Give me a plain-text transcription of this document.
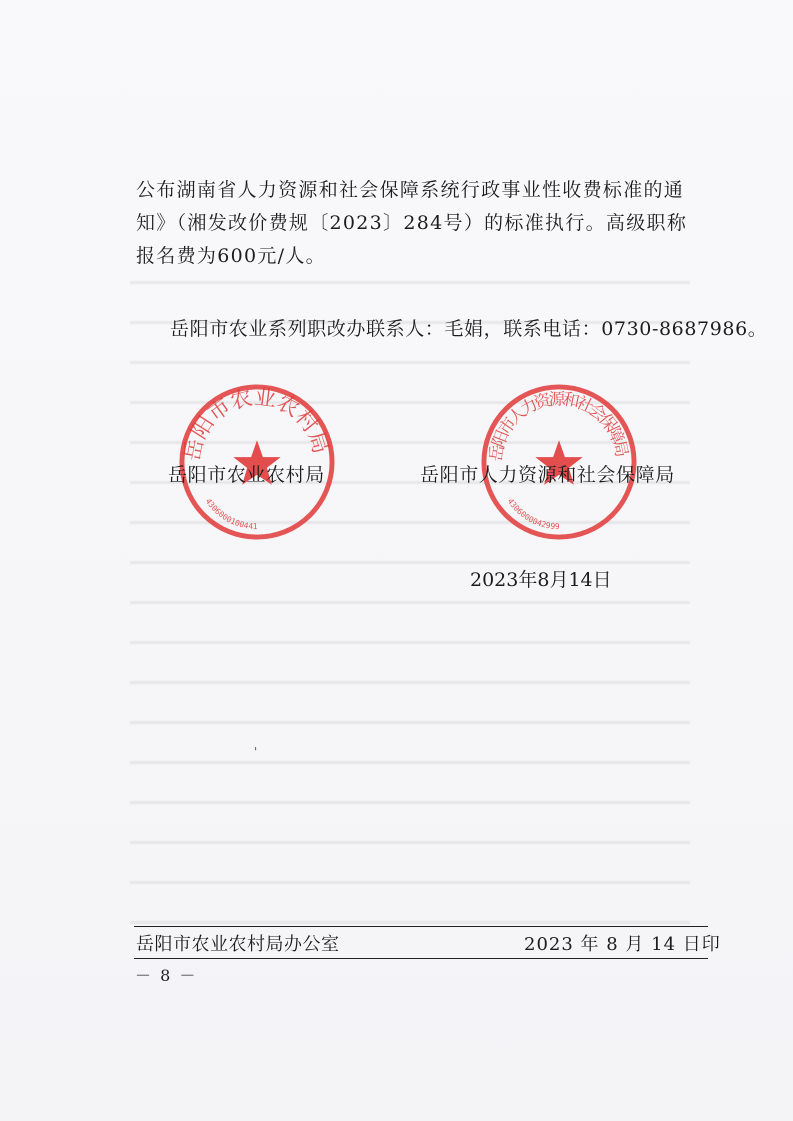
公布湖南省人力资源和社会保障系统行政事业性收费标准的通知》（湘发改价费规〔2023〕284号）的标准执行。高级职称报名费为600元/人。

岳阳市农业系列职改办联系人：毛娟，联系电话：0730-8687986。
岳阳市农业农村局
4306000100441
岳阳市人力资源和社会保障局
4306000042999
岳阳市农业农村局	岳阳市人力资源和社会保障局
2023年8月14日
'
岳阳市农业农村局办公室	2023 年 8 月 14 日印
－ 8 －
